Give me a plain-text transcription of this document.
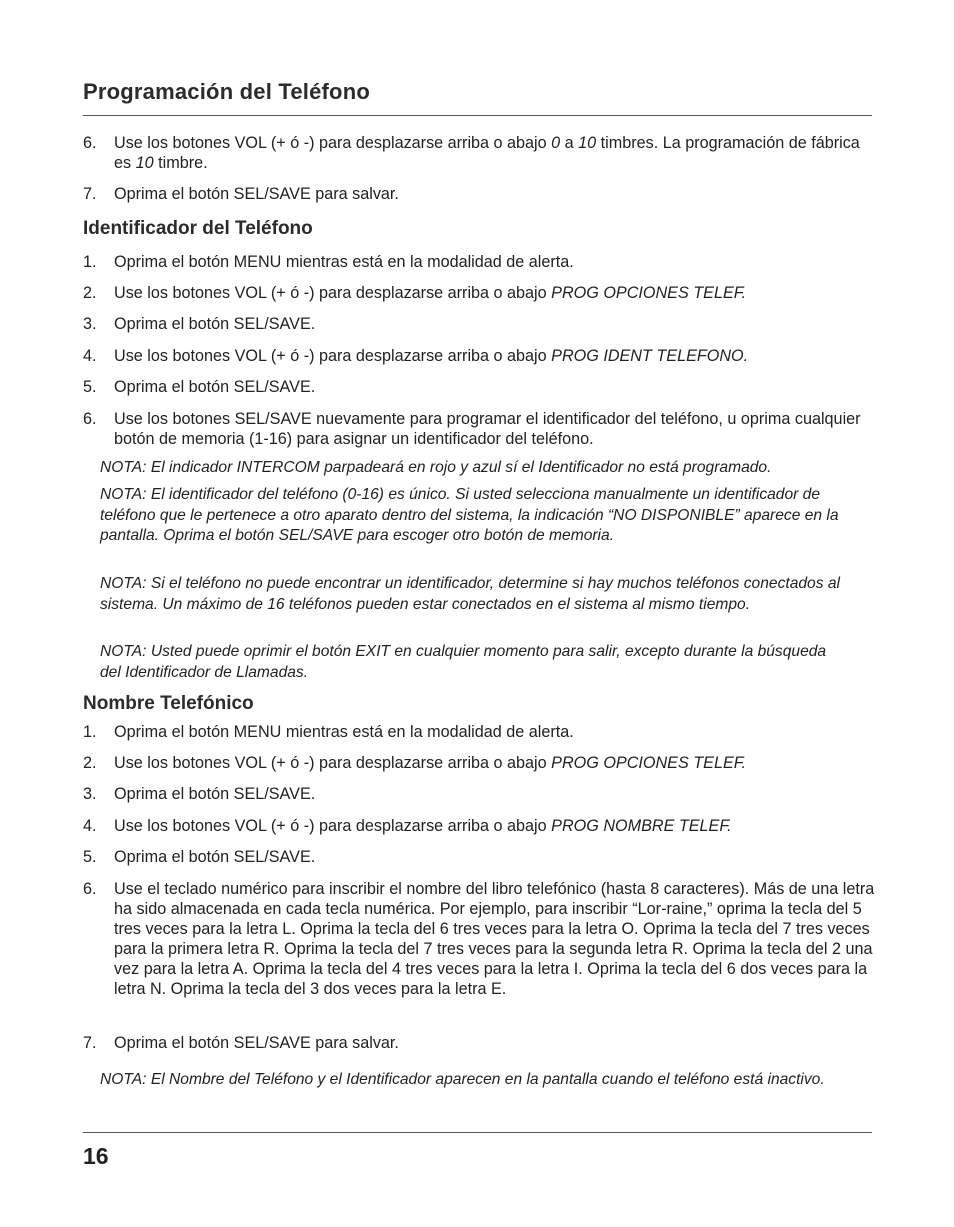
Programación del Teléfono
6. Use los botones VOL (+ ó -) para desplazarse arriba o abajo 0 a 10 timbres. La programación de fábrica es 10 timbre.
7. Oprima el botón SEL/SAVE para salvar.
Identificador del Teléfono
1. Oprima el botón MENU mientras está en la modalidad de alerta.
2. Use los botones VOL (+ ó -) para desplazarse arriba o abajo PROG OPCIONES TELEF.
3. Oprima el botón SEL/SAVE.
4. Use los botones VOL (+ ó -) para desplazarse arriba o abajo PROG IDENT TELEFONO.
5. Oprima el botón SEL/SAVE.
6. Use los botones SEL/SAVE nuevamente para programar el identificador del teléfono, u oprima cualquier botón de memoria (1-16) para asignar un identificador del teléfono.
NOTA: El indicador INTERCOM parpadeará en rojo y azul sí el Identificador no está programado.
NOTA: El identificador del teléfono (0-16) es único. Si usted selecciona manualmente un identificador de teléfono que le pertenece a otro aparato dentro del sistema, la indicación “NO DISPONIBLE” aparece en la pantalla. Oprima el botón SEL/SAVE para escoger otro botón de memoria.
NOTA: Si el teléfono no puede encontrar un identificador, determine si hay muchos teléfonos conectados al sistema. Un máximo de 16 teléfonos pueden estar conectados en el sistema al mismo tiempo.
NOTA: Usted puede oprimir el botón EXIT en cualquier momento para salir, excepto durante la búsqueda del Identificador de Llamadas.
Nombre Telefónico
1. Oprima el botón MENU mientras está en la modalidad de alerta.
2. Use los botones VOL (+ ó -) para desplazarse arriba o abajo PROG OPCIONES TELEF.
3. Oprima el botón SEL/SAVE.
4. Use los botones VOL (+ ó -) para desplazarse arriba o abajo PROG NOMBRE TELEF.
5. Oprima el botón SEL/SAVE.
6. Use el teclado numérico para inscribir el nombre del libro telefónico (hasta 8 caracteres). Más de una letra ha sido almacenada en cada tecla numérica. Por ejemplo, para inscribir “Lor-raine,” oprima la tecla del 5 tres veces para la letra L. Oprima la tecla del 6 tres veces para la letra O. Oprima la tecla del 7 tres veces para la primera letra R. Oprima la tecla del 7 tres veces para la segunda letra R. Oprima la tecla del 2 una vez para la letra A. Oprima la tecla del 4 tres veces para la letra I. Oprima la tecla del 6 dos veces para la letra N. Oprima la tecla del 3 dos veces para la letra E.
7. Oprima el botón SEL/SAVE para salvar.
NOTA: El Nombre del Teléfono y el Identificador aparecen en la pantalla cuando el teléfono está inactivo.
16
